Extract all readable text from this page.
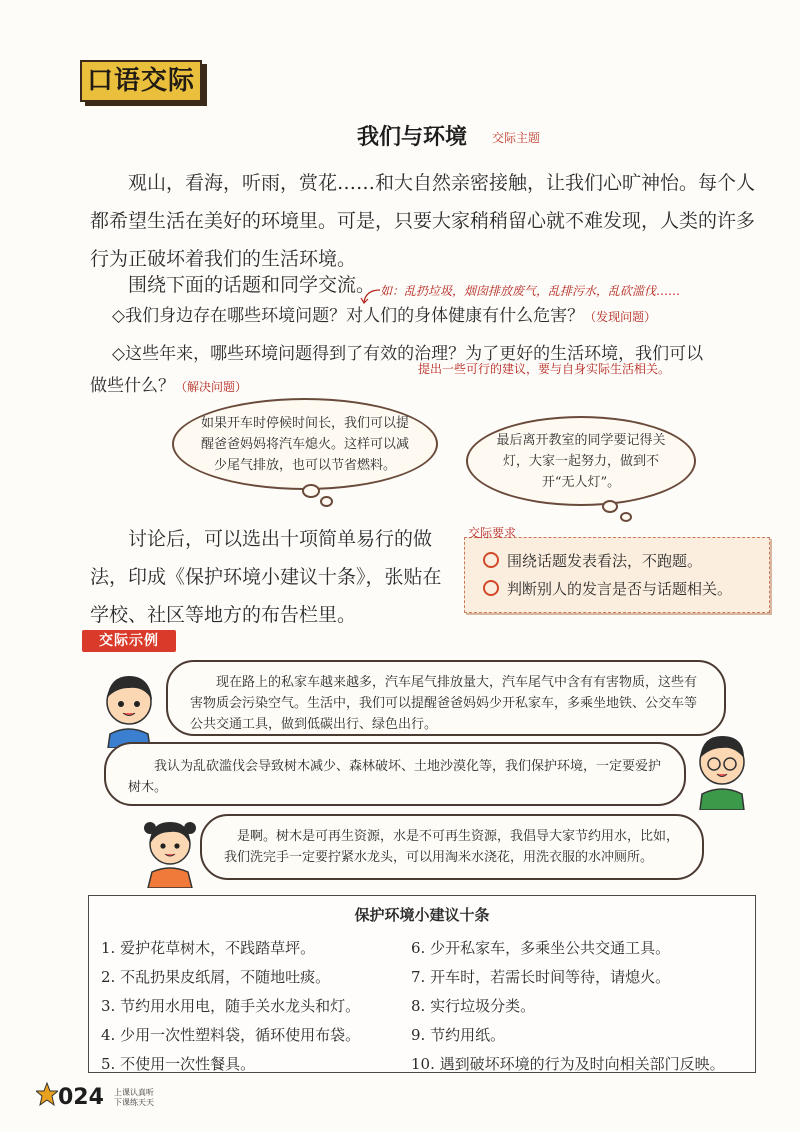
口语交际
我们与环境 交际主题

观山，看海，听雨，赏花……和大自然亲密接触，让我们心旷神怡。每个人都希望生活在美好的环境里。可是，只要大家稍稍留心就不难发现，人类的许多行为正破坏着我们的生活环境。

围绕下面的话题和同学交流。 如：乱扔垃圾，烟囱排放废气，乱排污水，乱砍滥伐……
◇我们身边存在哪些环境问题？对人们的身体健康有什么危害？（发现问题）
◇这些年来，哪些环境问题得到了有效的治理？为了更好的生活环境，我们可以
做些什么？（解决问题）
提出一些可行的建议，要与自身实际生活相关。
如果开车时停候时间长，我们可以提醒爸爸妈妈将汽车熄火。这样可以减少尾气排放，也可以节省燃料。
最后离开教室的同学要记得关灯，大家一起努力，做到不开“无人灯”。

讨论后，可以选出十项简单易行的做法，印成《保护环境小建议十条》，张贴在学校、社区等地方的布告栏里。

围绕话题发表看法，不跑题。
判断别人的发言是否与话题相关。
交际要求
交际示例
现在路上的私家车越来越多，汽车尾气排放量大，汽车尾气中含有有害物质，这些有害物质会污染空气。生活中，我们可以提醒爸爸妈妈少开私家车，多乘坐地铁、公交车等公共交通工具，做到低碳出行、绿色出行。
我认为乱砍滥伐会导致树木减少、森林破坏、土地沙漠化等，我们保护环境，一定要爱护树木。
是啊。树木是可再生资源，水是不可再生资源，我倡导大家节约用水，比如，我们洗完手一定要拧紧水龙头，可以用淘米水浇花，用洗衣服的水冲厕所。
保护环境小建议十条
1. 爱护花草树木，不践踏草坪。
2. 不乱扔果皮纸屑，不随地吐痰。
3. 节约用水用电，随手关水龙头和灯。
4. 少用一次性塑料袋，循环使用布袋。
5. 不使用一次性餐具。
6. 少开私家车，多乘坐公共交通工具。
7. 开车时，若需长时间等待，请熄火。
8. 实行垃圾分类。
9. 节约用纸。
10. 遇到破坏环境的行为及时向相关部门反映。
024 上课认真听
下课练天天
